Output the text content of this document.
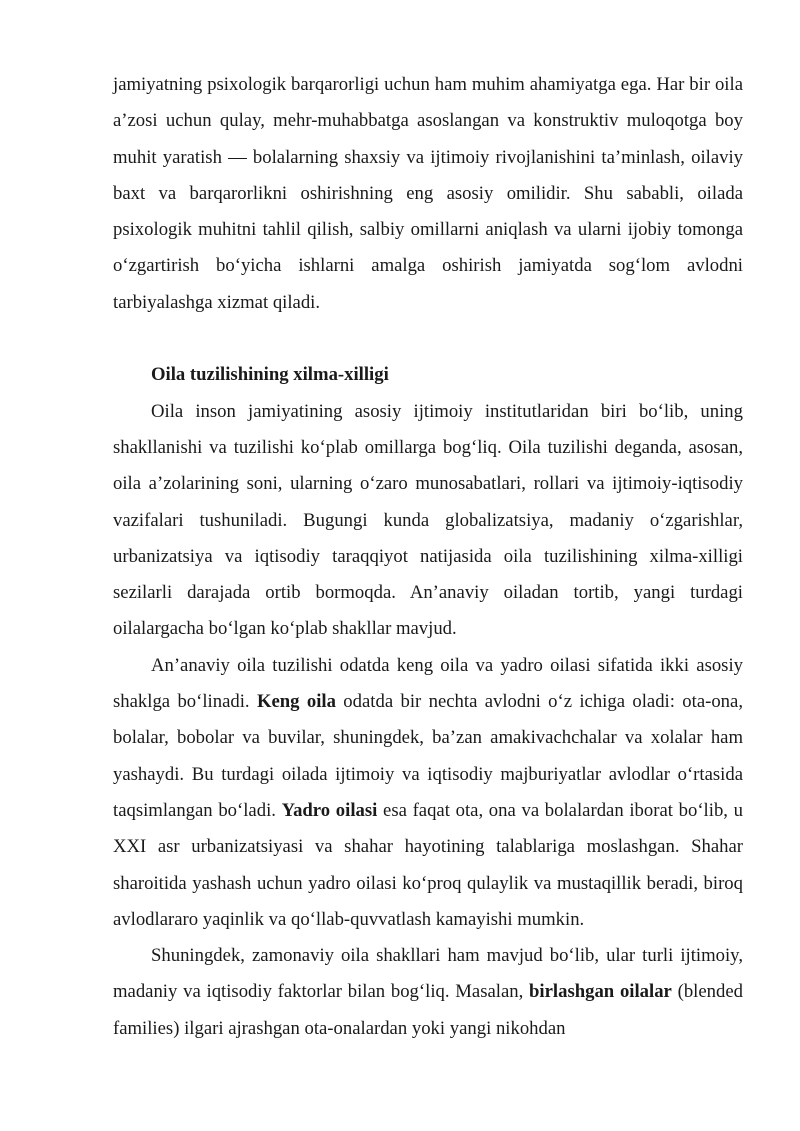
jamiyatning psixologik barqarorligi uchun ham muhim ahamiyatga ega. Har bir oila a’zosi uchun qulay, mehr-muhabbatga asoslangan va konstruktiv muloqotga boy muhit yaratish — bolalarning shaxsiy va ijtimoiy rivojlanishini ta’minlash, oilaviy baxt va barqarorlikni oshirishning eng asosiy omilidir. Shu sababli, oilada psixologik muhitni tahlil qilish, salbiy omillarni aniqlash va ularni ijobiy tomonga o‘zgartirish bo‘yicha ishlarni amalga oshirish jamiyatda sog‘lom avlodni tarbiyalashga xizmat qiladi.

Oila tuzilishining xilma-xilligi

Oila inson jamiyatining asosiy ijtimoiy institutlaridan biri bo‘lib, uning shakllanishi va tuzilishi ko‘plab omillarga bog‘liq. Oila tuzilishi deganda, asosan, oila a’zolarining soni, ularning o‘zaro munosabatlari, rollari va ijtimoiy-iqtisodiy vazifalari tushuniladi. Bugungi kunda globalizatsiya, madaniy o‘zgarishlar, urbanizatsiya va iqtisodiy taraqqiyot natijasida oila tuzilishining xilma-xilligi sezilarli darajada ortib bormoqda. An’anaviy oiladan tortib, yangi turdagi oilalargacha bo‘lgan ko‘plab shakllar mavjud.

An’anaviy oila tuzilishi odatda keng oila va yadro oilasi sifatida ikki asosiy shaklga bo‘linadi. Keng oila odatda bir nechta avlodni o‘z ichiga oladi: ota-ona, bolalar, bobolar va buvilar, shuningdek, ba’zan amakivachchalar va xolalar ham yashaydi. Bu turdagi oilada ijtimoiy va iqtisodiy majburiyatlar avlodlar o‘rtasida taqsimlangan bo‘ladi. Yadro oilasi esa faqat ota, ona va bolalardan iborat bo‘lib, u XXI asr urbanizatsiyasi va shahar hayotining talablariga moslashgan. Shahar sharoitida yashash uchun yadro oilasi ko‘proq qulaylik va mustaqillik beradi, biroq avlodlararo yaqinlik va qo‘llab-quvvatlash kamayishi mumkin.

Shuningdek, zamonaviy oila shakllari ham mavjud bo‘lib, ular turli ijtimoiy, madaniy va iqtisodiy faktorlar bilan bog‘liq. Masalan, birlashgan oilalar (blended families) ilgari ajrashgan ota-onalardan yoki yangi nikohdan
